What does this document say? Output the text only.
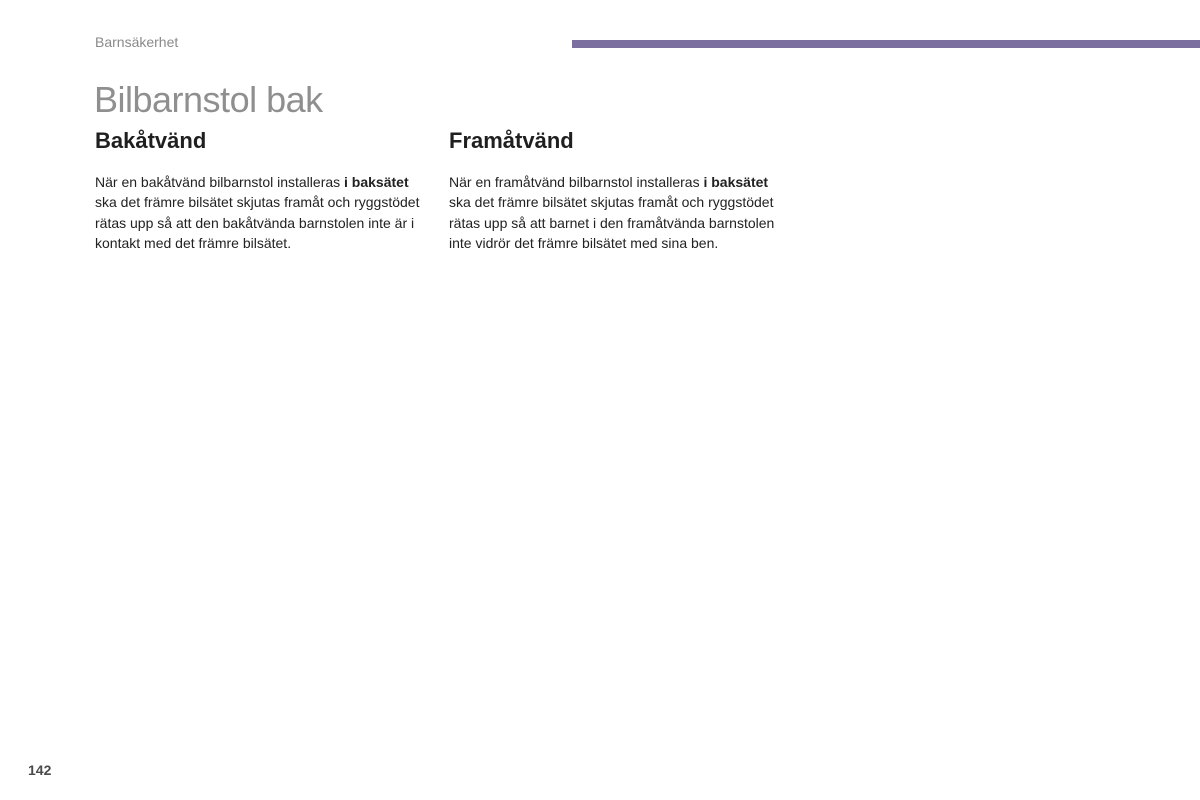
Barnsäkerhet
Bilbarnstol bak
Bakåtvänd

När en bakåtvänd bilbarnstol installeras i baksätet ska det främre bilsätet skjutas framåt och ryggstödet rätas upp så att den bakåtvända barnstolen inte är i kontakt med det främre bilsätet.

Framåtvänd

När en framåtvänd bilbarnstol installeras i baksätet ska det främre bilsätet skjutas framåt och ryggstödet rätas upp så att barnet i den framåtvända barnstolen inte vidrör det främre bilsätet med sina ben.

142
